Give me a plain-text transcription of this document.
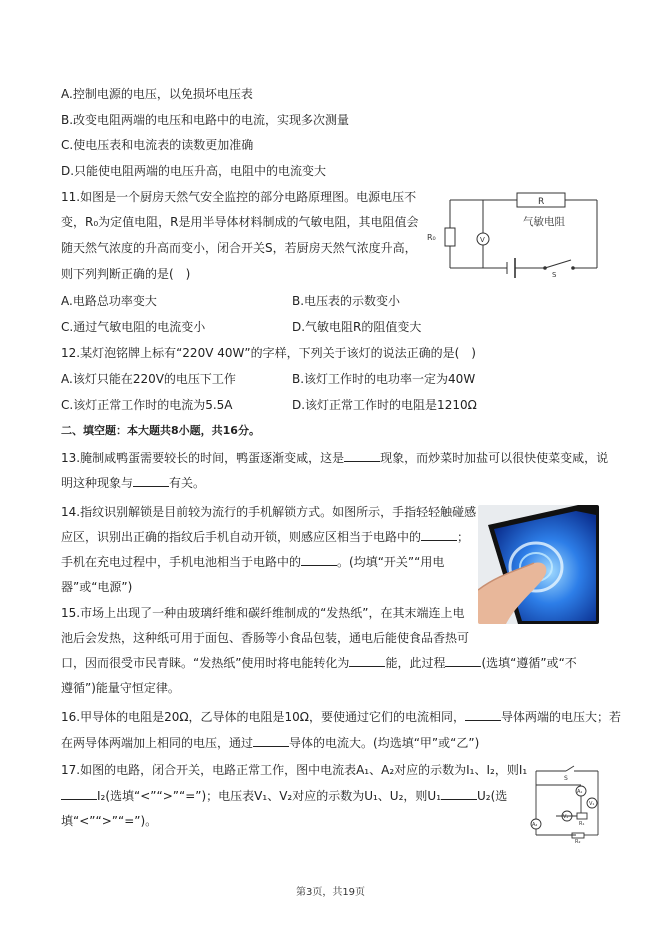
A.控制电源的电压，以免损坏电压表
B.改变电阻两端的电压和电路中的电流，实现多次测量
C.使电压表和电流表的读数更加准确
D.只能使电阻两端的电压升高，电阻中的电流变大
11.如图是一个厨房天然气安全监控的部分电路原理图。电源电压不
变，R₀为定值电阻，R是用半导体材料制成的气敏电阻，其电阻值会
随天然气浓度的升高而变小，闭合开关S，若厨房天然气浓度升高，
则下列判断正确的是(　)
R
气敏电阻
R₀	V
S
A.电路总功率变大	B.电压表的示数变小
C.通过气敏电阻的电流变小	D.气敏电阻R的阻值变大
12.某灯泡铭牌上标有“220V 40W”的字样，下列关于该灯的说法正确的是(　)
A.该灯只能在220V的电压下工作	B.该灯工作时的电功率一定为40W
C.该灯正常工作时的电流为5.5A	D.该灯正常工作时的电阻是1210Ω
二、填空题：本大题共8小题，共16分。
13.腌制咸鸭蛋需要较长的时间，鸭蛋逐渐变咸，这是	现象，而炒菜时加盐可以很快使菜变咸，说
明这种现象与	有关。
14.指纹识别解锁是目前较为流行的手机解锁方式。如图所示，手指轻轻触碰感
应区，识别出正确的指纹后手机自动开锁，则感应区相当于电路中的	；
手机在充电过程中，手机电池相当于电路中的	。(均填“开关”“用电
器”或“电源”)
15.市场上出现了一种由玻璃纤维和碳纤维制成的“发热纸”，在其末端连上电
池后会发热，这种纸可用于面包、香肠等小食品包装，通电后能使食品香热可
口，因而很受市民青睐。“发热纸”使用时将电能转化为	能，此过程	(选填“遵循”或“不
遵循”)能量守恒定律。
16.甲导体的电阻是20Ω，乙导体的电阻是10Ω，要使通过它们的电流相同，	导体两端的电压大；若
在两导体两端加上相同的电压，通过	导体的电流大。(均选填“甲”或“乙”)
17.如图的电路，闭合开关，电路正常工作，图中电流表A₁、A₂对应的示数为I₁、I₂，则I₁
I₂(选填“<”“>”“=”)；电压表V₁、V₂对应的示数为U₁、U₂，则U₁	U₂(选
填“<”“>”“=”)。
S
A₁
A₂
V₁
V₂
R₁
R₂
第3页，共19页
